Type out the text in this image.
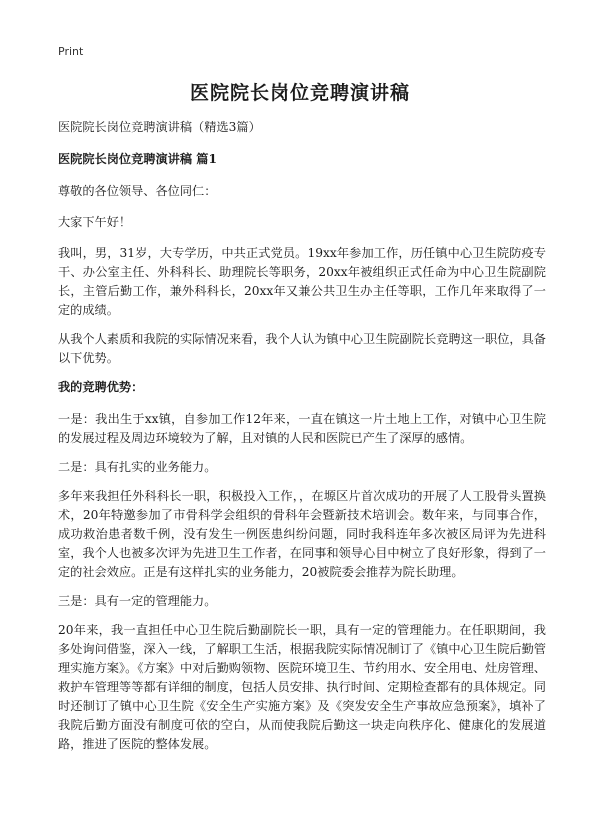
Print
医院院长岗位竞聘演讲稿

医院院长岗位竞聘演讲稿（精选3篇）

医院院长岗位竞聘演讲稿 篇1

尊敬的各位领导、各位同仁：

大家下午好！

我叫，男，31岁，大专学历，中共正式党员。19xx年参加工作，历任镇中心卫生院防疫专干、办公室主任、外科科长、助理院长等职务，20xx年被组织正式任命为中心卫生院副院长，主管后勤工作，兼外科科长，20xx年又兼公共卫生办主任等职，工作几年来取得了一定的成绩。

从我个人素质和我院的实际情况来看，我个人认为镇中心卫生院副院长竞聘这一职位，具备以下优势。

我的竞聘优势：

一是：我出生于xx镇，自参加工作12年来，一直在镇这一片土地上工作，对镇中心卫生院的发展过程及周边环境较为了解，且对镇的人民和医院已产生了深厚的感情。

二是：具有扎实的业务能力。

多年来我担任外科科长一职，积极投入工作，，在塬区片首次成功的开展了人工股骨头置换术，20年特邀参加了市骨科学会组织的骨科年会暨新技术培训会。数年来，与同事合作，成功救治患者数千例，没有发生一例医患纠纷问题，同时我科连年多次被区局评为先进科室，我个人也被多次评为先进卫生工作者，在同事和领导心目中树立了良好形象，得到了一定的社会效应。正是有这样扎实的业务能力，20被院委会推荐为院长助理。

三是：具有一定的管理能力。

20年来，我一直担任中心卫生院后勤副院长一职，具有一定的管理能力。在任职期间，我多处询问借鉴，深入一线，了解职工生活，根据我院实际情况制订了《镇中心卫生院后勤管理实施方案》。《方案》中对后勤购领物、医院环境卫生、节约用水、安全用电、灶房管理、救护车管理等等都有详细的制度，包括人员安排、执行时间、定期检查都有的具体规定。同时还制订了镇中心卫生院《安全生产实施方案》及《突发安全生产事故应急预案》，填补了我院后勤方面没有制度可依的空白，从而使我院后勤这一块走向秩序化、健康化的发展道路，推进了医院的整体发展。
